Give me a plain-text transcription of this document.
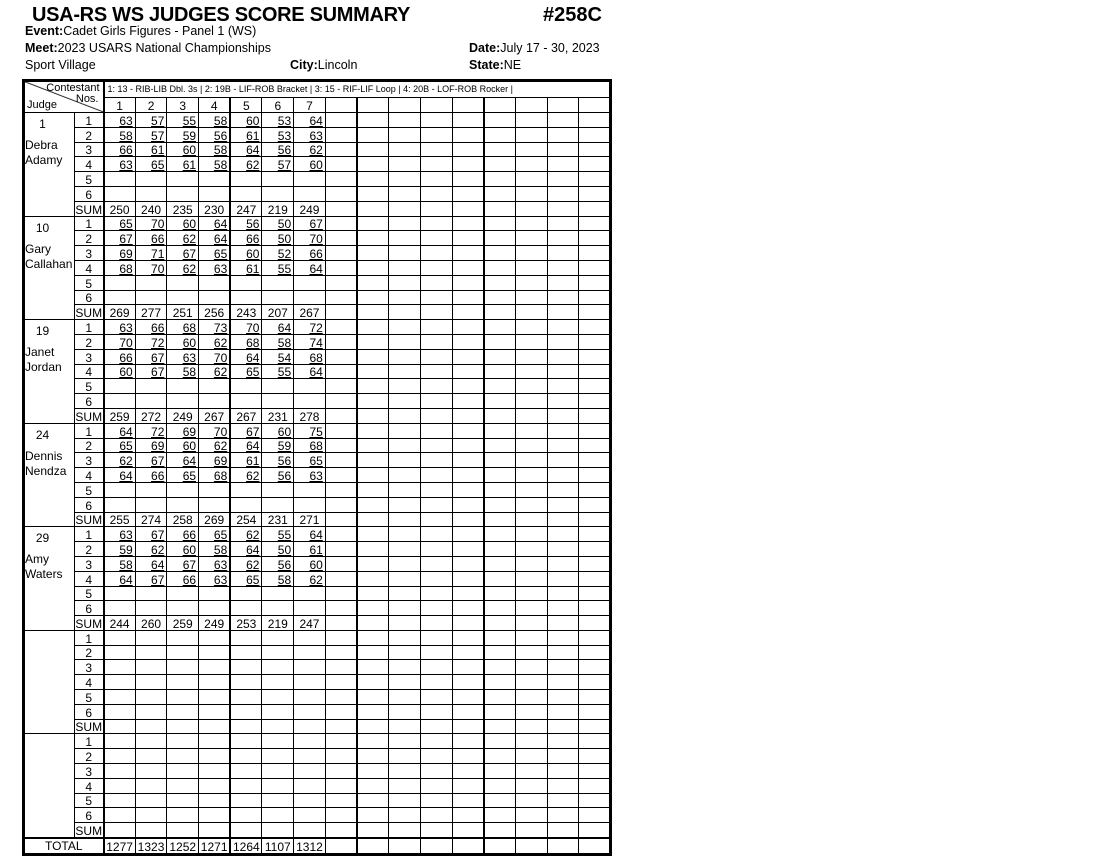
USA-RS WS JUDGES SCORE SUMMARY	#258C
Event:Cadet Girls Figures - Panel 1 (WS)
Meet:2023 USARS National Championships	Date:July 17 - 30, 2023
Sport Village	City:Lincoln	State:NE
Contestant
Nos.
Judge		1: 13 - RIB-LIB Dbl. 3s | 2: 19B - LIF-ROB Bracket | 3: 15 - RIF-LIF Loop | 4: 20B - LOF-ROB Rocker |															
		1	2	3	4	5	6	7									

1
Debra
Adamy	1	63	57	55	58	60	53	64									
	2	58	57	59	56	61	53	63									
	3	66	61	60	58	64	56	62									
	4	63	65	61	58	62	57	60									
	5																
	6																
	SUM	250	240	235	230	247	219	249									

10
Gary
Callahan	1	65	70	60	64	56	50	67									
	2	67	66	62	64	66	50	70									
	3	69	71	67	65	60	52	66									
	4	68	70	62	63	61	55	64									
	5																
	6																
	SUM	269	277	251	256	243	207	267									

19
Janet
Jordan	1	63	66	68	73	70	64	72									
	2	70	72	60	62	68	58	74									
	3	66	67	63	70	64	54	68									
	4	60	67	58	62	65	55	64									
	5																
	6																
	SUM	259	272	249	267	267	231	278									

24
Dennis
Nendza	1	64	72	69	70	67	60	75									
	2	65	69	60	62	64	59	68									
	3	62	67	64	69	61	56	65									
	4	64	66	65	68	62	56	63									
	5																
	6																
	SUM	255	274	258	269	254	231	271									

29
Amy
Waters	1	63	67	66	65	62	55	64									
	2	59	62	60	58	64	50	61									
	3	58	64	67	63	62	56	60									
	4	64	67	66	63	65	58	62									
	5																
	6																
	SUM	244	260	259	249	253	219	247									

	1																
	2																
	3																
	4																
	5																
	6																
	SUM																

	1																
	2																
	3																
	4																
	5																
	6																
	SUM																
TOTAL		1277	1323	1252	1271	1264	1107	1312									
